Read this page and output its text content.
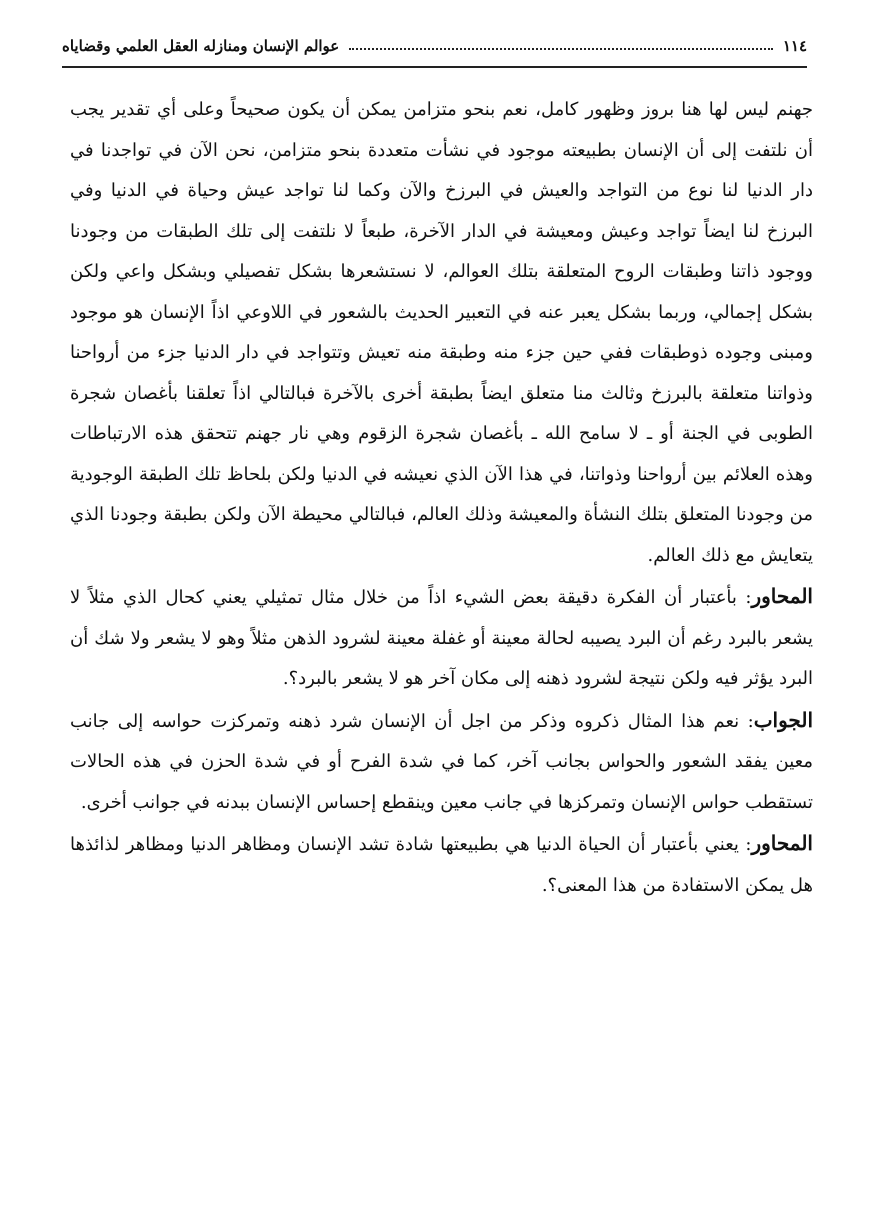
١١٤
عوالم الإنسان ومنازله العقل العلمي وقضاياه

جهنم ليس لها هنا بروز وظهور كامل، نعم بنحو متزامن يمكن أن يكون صحيحاً وعلى أي تقدير يجب أن نلتفت إلى أن الإنسان بطبيعته موجود في نشأت متعددة بنحو متزامن، نحن الآن في تواجدنا في دار الدنيا لنا نوع من التواجد والعيش في البرزخ والآن وكما لنا تواجد عيش وحياة في الدنيا وفي البرزخ لنا ايضاً تواجد وعيش ومعيشة في الدار الآخرة، طبعاً لا نلتفت إلى تلك الطبقات من وجودنا ووجود ذاتنا وطبقات الروح المتعلقة بتلك العوالم، لا نستشعرها بشكل تفصيلي وبشكل واعي ولكن بشكل إجمالي، وربما بشكل يعبر عنه في التعبير الحديث بالشعور في اللاوعي اذاً الإنسان هو موجود ومبنى وجوده ذوطبقات ففي حين جزء منه وطبقة منه تعيش وتتواجد في دار الدنيا جزء من أرواحنا وذواتنا متعلقة بالبرزخ وثالث منا متعلق ايضاً بطبقة أخرى بالآخرة فبالتالي اذاً تعلقنا بأغصان شجرة الطوبى في الجنة أو ـ لا سامح الله ـ بأغصان شجرة الزقوم وهي نار جهنم تتحقق هذه الارتباطات وهذه العلائم بين أرواحنا وذواتنا، في هذا الآن الذي نعيشه في الدنيا ولكن بلحاظ تلك الطبقة الوجودية من وجودنا المتعلق بتلك النشأة والمعيشة وذلك العالم، فبالتالي محيطة الآن ولكن بطبقة وجودنا الذي يتعايش مع ذلك العالم.

المحاور: بأعتبار أن الفكرة دقيقة بعض الشيء اذاً من خلال مثال تمثيلي يعني كحال الذي مثلاً لا يشعر بالبرد رغم أن البرد يصيبه لحالة معينة أو غفلة معينة لشرود الذهن مثلاً وهو لا يشعر ولا شك أن البرد يؤثر فيه ولكن نتيجة لشرود ذهنه إلى مكان آخر هو لا يشعر بالبرد؟.

الجواب: نعم هذا المثال ذكروه وذكر من اجل أن الإنسان شرد ذهنه وتمركزت حواسه إلى جانب معين يفقد الشعور والحواس بجانب آخر، كما في شدة الفرح أو في شدة الحزن في هذه الحالات تستقطب حواس الإنسان وتمركزها في جانب معين وينقطع إحساس الإنسان ببدنه في جوانب أخرى.

المحاور: يعني بأعتبار أن الحياة الدنيا هي بطبيعتها شادة تشد الإنسان ومظاهر الدنيا ومظاهر لذائذها هل يمكن الاستفادة من هذا المعنى؟.
